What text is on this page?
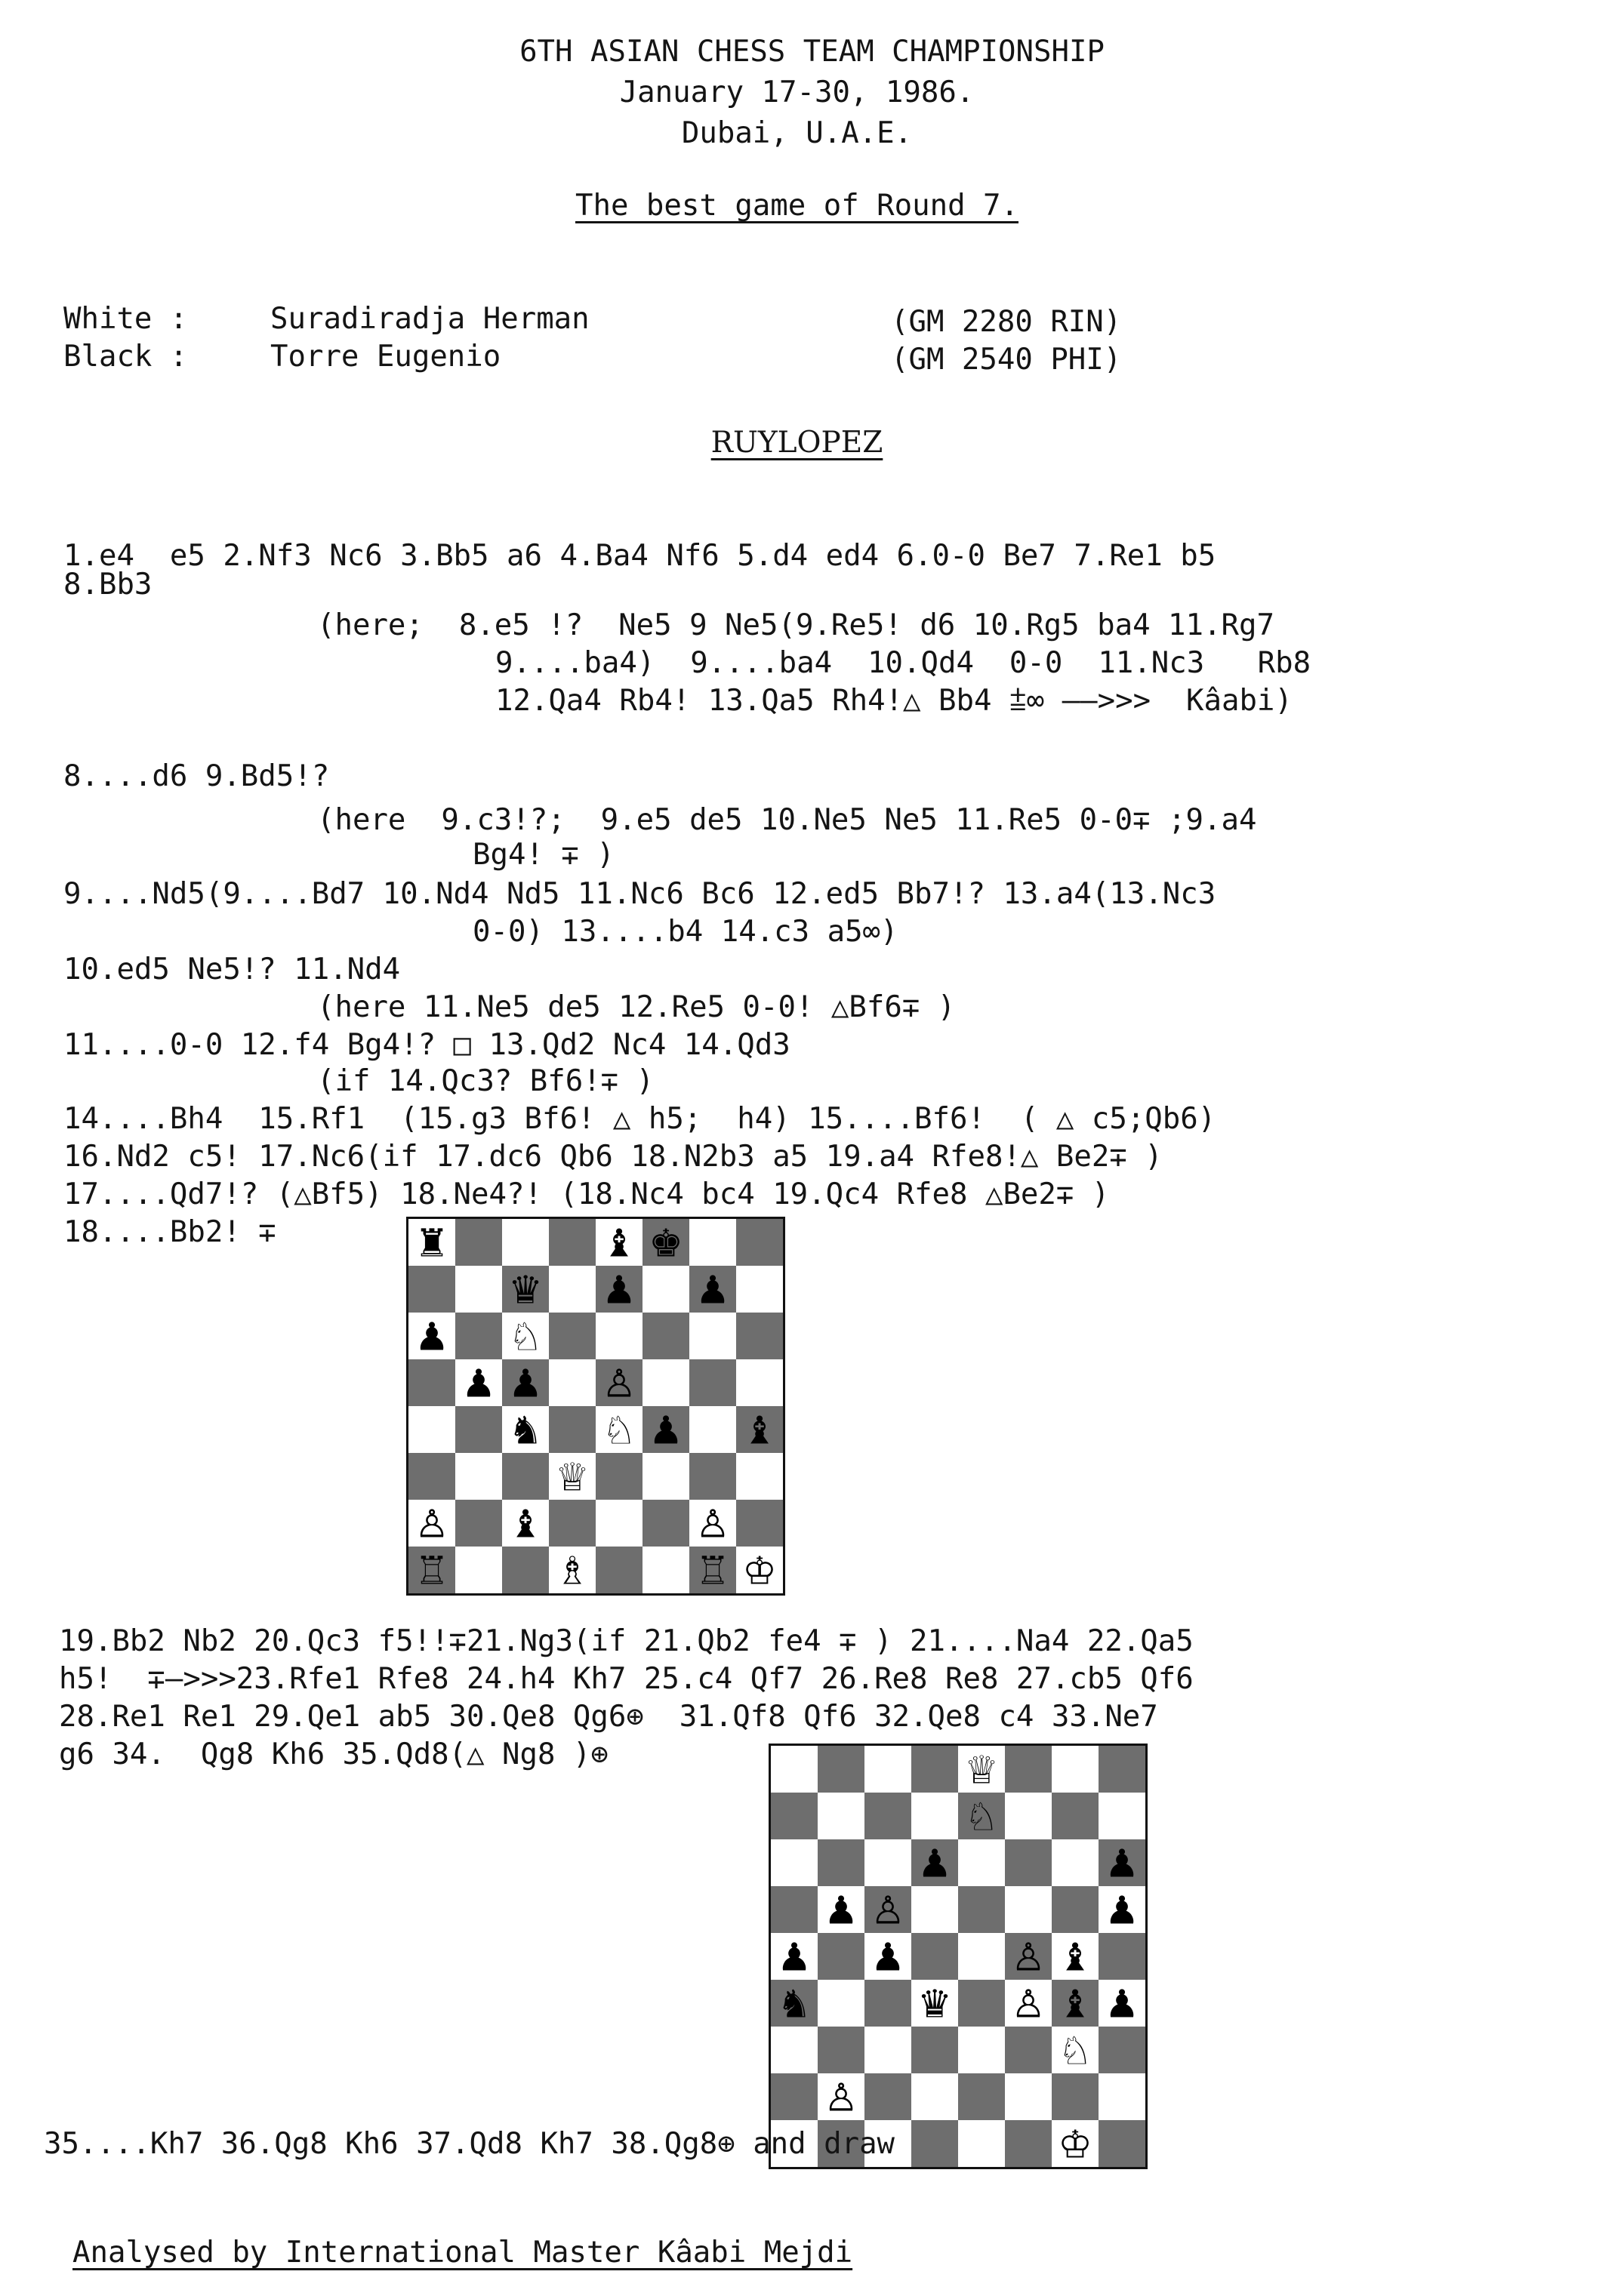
6TH ASIAN CHESS TEAM CHAMPIONSHIP
January 17-30, 1986.
Dubai, U.A.E.
The best game of Round 7.
White :	Suradiradja Herman	(GM 2280 RIN)
Black :	Torre Eugenio	(GM 2540 PHI)
RUYLOPEZ
1.e4  e5 2.Nf3 Nc6 3.Bb5 a6 4.Ba4 Nf6 5.d4 ed4 6.0-0 Be7 7.Re1 b5
8.Bb3
(here;  8.e5 !?  Ne5 9 Ne5(9.Re5! d6 10.Rg5 ba4 11.Rg7
9....ba4)  9....ba4  10.Qd4  0-0  11.Nc3   Rb8
12.Qa4 Rb4! 13.Qa5 Rh4!△ Bb4 ⩲∞ ——>>>  Kâabi)
8....d6 9.Bd5!?
(here  9.c3!?;  9.e5 de5 10.Ne5 Ne5 11.Re5 0-0∓ ;9.a4
Bg4! ∓ )
9....Nd5(9....Bd7 10.Nd4 Nd5 11.Nc6 Bc6 12.ed5 Bb7!? 13.a4(13.Nc3
0-0) 13....b4 14.c3 a5∞)
10.ed5 Ne5!? 11.Nd4
(here 11.Ne5 de5 12.Re5 0-0! △Bf6∓ )
11....0-0 12.f4 Bg4!? □ 13.Qd2 Nc4 14.Qd3
(if 14.Qc3? Bf6!∓ )
14....Bh4  15.Rf1  (15.g3 Bf6! △ h5;  h4) 15....Bf6!  ( △ c5;Qb6)
16.Nd2 c5! 17.Nc6(if 17.dc6 Qb6 18.N2b3 a5 19.a4 Rfe8!△ Be2∓ )
17....Qd7!? (△Bf5) 18.Ne4?! (18.Nc4 bc4 19.Qc4 Rfe8 △Be2∓ )
18....Bb2! ∓	♜	♝ ♚
♛ ♟ ♟
♟ ♘
♟ ♟ ♙
♞ ♘ ♟ ♝
♕
♙ ♝	♙
♖	♗	♖ ♔
19.Bb2 Nb2 20.Qc3 f5!!∓21.Ng3(if 21.Qb2 fe4 ∓ ) 21....Na4 22.Qa5
h5!  ∓—>>>23.Rfe1 Rfe8 24.h4 Kh7 25.c4 Qf7 26.Re8 Re8 27.cb5 Qf6
28.Re1 Re1 29.Qe1 ab5 30.Qe8 Qg6⊕  31.Qf8 Qf6 32.Qe8 c4 33.Ne7
g6 34.  Qg8 Kh6 35.Qd8(△ Ng8 )⊕	♕
♘
♟	♟
♟ ♙	♟
♟ ♟	♙ ♝
♞	♛ ♙ ♝ ♟
♘
♙
♔
35....Kh7 36.Qg8 Kh6 37.Qd8 Kh7 38.Qg8⊕ and draw
Analysed by International Master Kâabi Mejdi
